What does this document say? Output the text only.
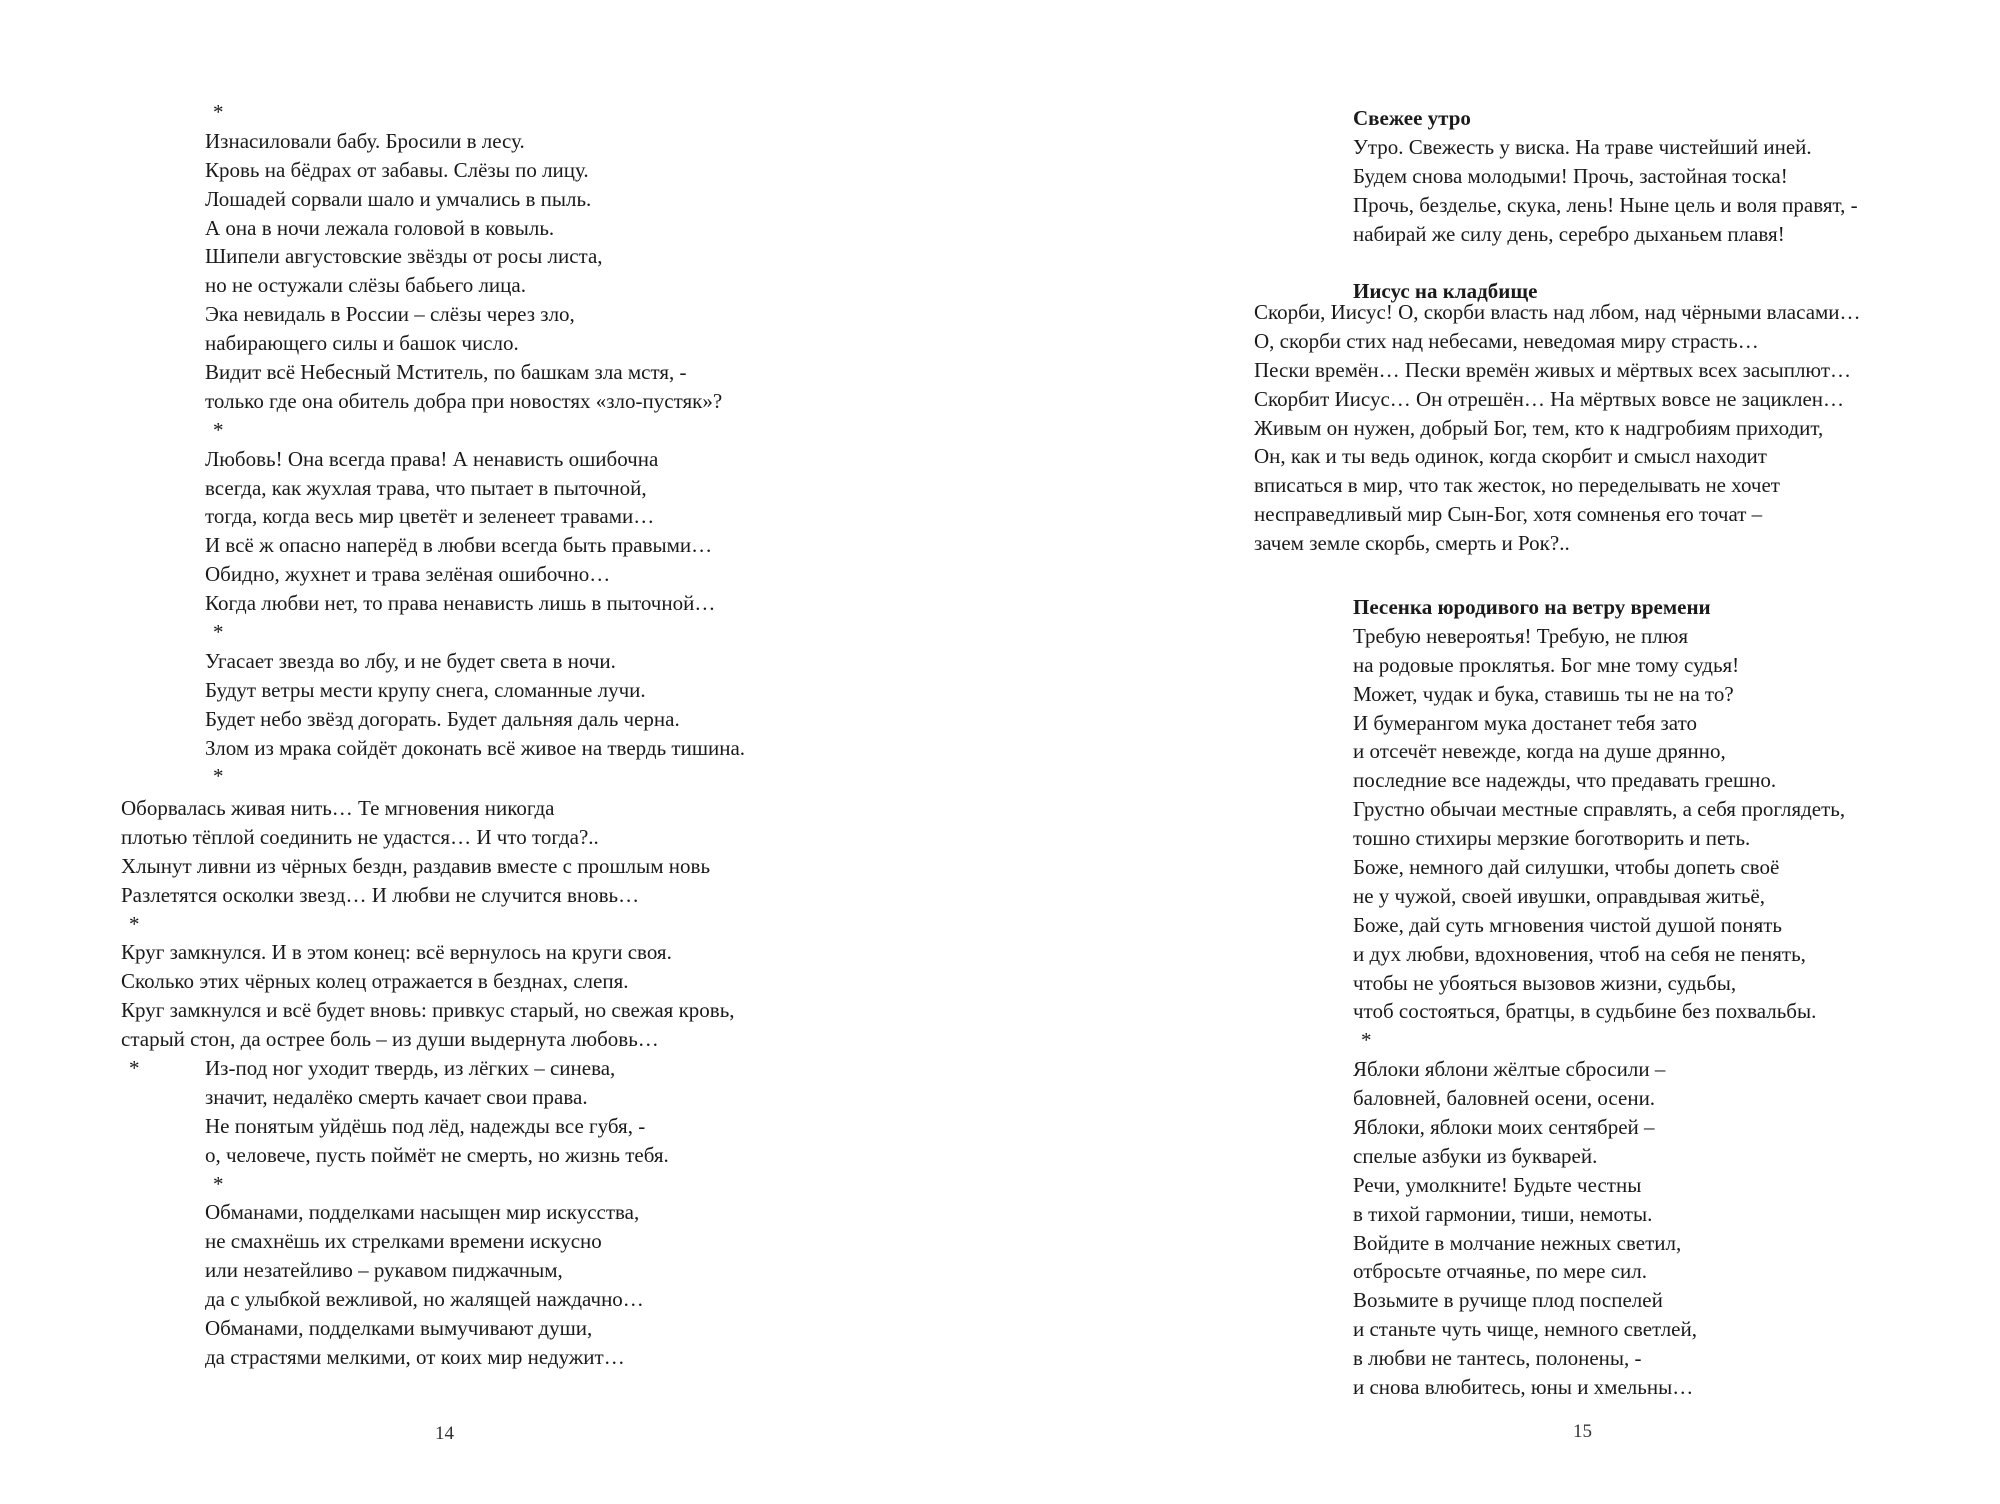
*
Изнасиловали бабу. Бросили в лесу.
Кровь на бёдрах от забавы. Слёзы по лицу.
Лошадей сорвали шало и умчались в пыль.
А она в ночи лежала головой в ковыль.
Шипели августовские звёзды от росы листа,
но не остужали слёзы бабьего лица.
Эка невидаль в России – слёзы через зло,
набирающего силы и башок число.
Видит всё Небесный Мститель, по башкам зла мстя, -
только где она обитель добра при новостях «зло-пустяк»?
*
Любовь! Она всегда права! А ненависть ошибочна
всегда, как жухлая трава, что пытает в пыточной,
тогда, когда весь мир цветёт и зеленеет травами…
И всё ж опасно наперёд в любви всегда быть правыми…
Обидно, жухнет и трава зелёная ошибочно…
Когда любви нет, то права ненависть лишь в пыточной…
*
Угасает звезда во лбу, и не будет света в ночи.
Будут ветры мести крупу снега, сломанные лучи.
Будет небо звёзд догорать. Будет дальняя даль черна.
Злом из мрака сойдёт доконать всё живое на твердь тишина.
*
Оборвалась живая нить… Те мгновения никогда
плотью тёплой соединить не удастся… И что тогда?..
Хлынут ливни из чёрных бездн, раздавив вместе с прошлым новь
Разлетятся осколки звезд… И любви не случится вновь…
*
Круг замкнулся. И в этом конец: всё вернулось на круги своя.
Сколько этих чёрных колец отражается в безднах, слепя.
Круг замкнулся и всё будет вновь: привкус старый, но свежая кровь,
старый стон, да острее боль – из души выдернута любовь…
*	Из-под ног уходит твердь, из лёгких – синева,
значит, недалёко смерть качает свои права.
Не понятым уйдёшь под лёд, надежды все губя, -
о, человече, пусть поймёт не смерть, но жизнь тебя.
*
Обманами, подделками насыщен мир искусства,
не смахнёшь их стрелками времени искусно
или незатейливо – рукавом пиджачным,
да с улыбкой вежливой, но жалящей наждачно…
Обманами, подделками вымучивают души,
да страстями мелкими, от коих мир недужит…
14
Свежее утро
Утро. Свежесть у виска. На траве чистейший иней.
Будем снова молодыми! Прочь, застойная тоска!
Прочь, безделье, скука, лень! Ныне цель и воля правят, -
набирай же силу день, серебро дыханьем плавя!
Иисус на кладбище
Скорби, Иисус! О, скорби власть над лбом, над чёрными власами…
О, скорби стих над небесами, неведомая миру страсть…
Пески времён… Пески времён живых и мёртвых всех засыплют…
Скорбит Иисус… Он отрешён… На мёртвых вовсе не зациклен…
Живым он нужен, добрый Бог, тем, кто к надгробиям приходит,
Он, как и ты ведь одинок, когда скорбит и смысл находит
вписаться в мир, что так жесток, но переделывать не хочет
несправедливый мир Сын-Бог, хотя сомненья его точат –
зачем земле скорбь, смерть и Рок?..
Песенка юродивого на ветру времени
Требую невероятья! Требую, не плюя
на родовые проклятья. Бог мне тому судья!
Может, чудак и бука, ставишь ты не на то?
И бумерангом мука достанет тебя зато
и отсечёт невежде, когда на душе дрянно,
последние все надежды, что предавать грешно.
Грустно обычаи местные справлять, а себя проглядеть,
тошно стихиры мерзкие боготворить и петь.
Боже, немного дай силушки, чтобы допеть своё
не у чужой, своей ивушки, оправдывая житьё,
Боже, дай суть мгновения чистой душой понять
и дух любви, вдохновения, чтоб на себя не пенять,
чтобы не убояться вызовов жизни, судьбы,
чтоб состояться, братцы, в судьбине без похвальбы.
*
Яблоки яблони жёлтые сбросили –
баловней, баловней осени, осени.
Яблоки, яблоки моих сентябрей –
спелые азбуки из букварей.
Речи, умолкните! Будьте честны
в тихой гармонии, тиши, немоты.
Войдите в молчание нежных светил,
отбросьте отчаянье, по мере сил.
Возьмите в ручище плод поспелей
и станьте чуть чище, немного светлей,
в любви не тантесь, полонены, -
и снова влюбитесь, юны и хмельны…
15
